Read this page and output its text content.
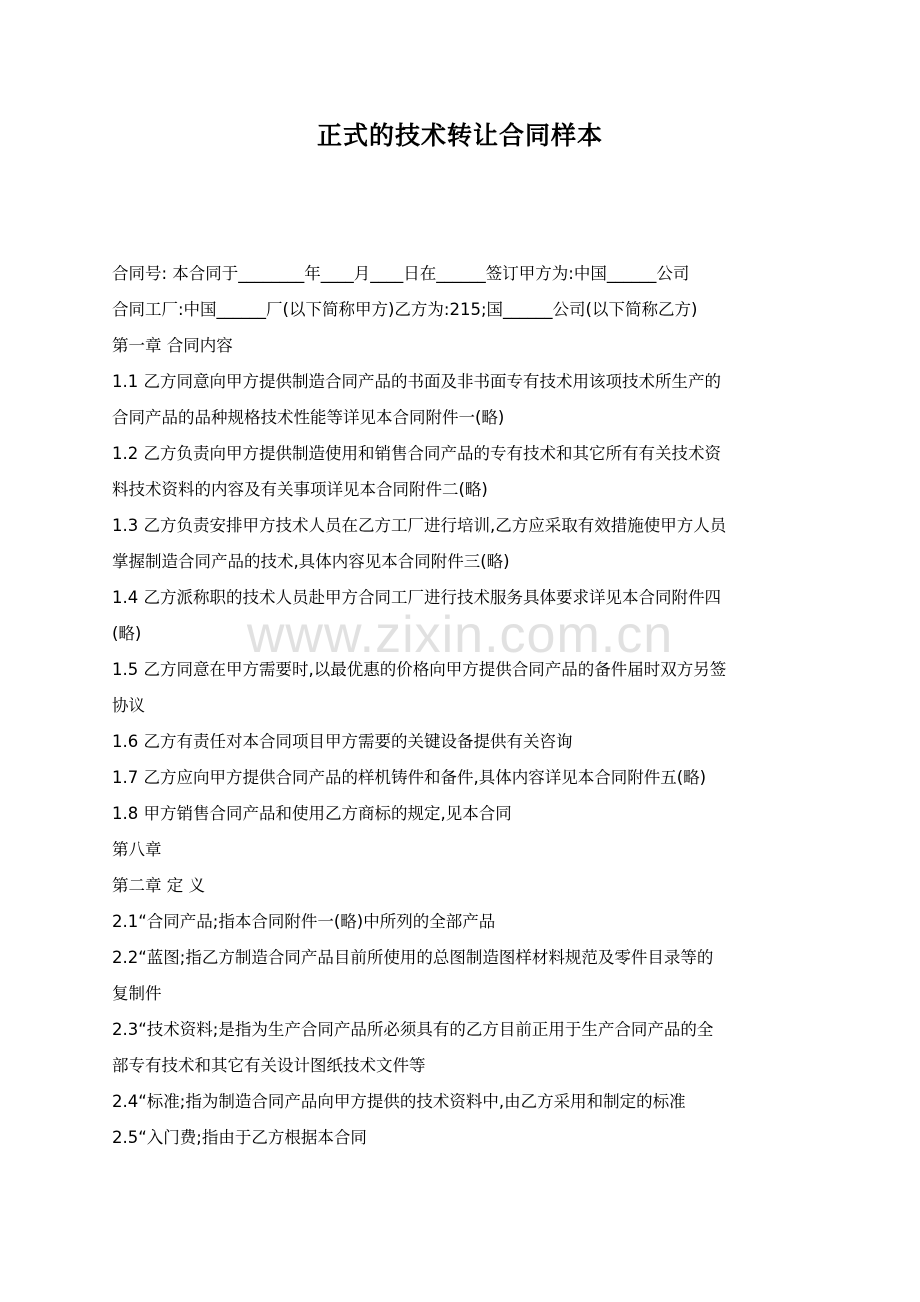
正式的技术转让合同样本
合同号: 本合同于________年____月____日在______签订甲方为:中国______公司
合同工厂:中国______厂(以下简称甲方)乙方为:215;国______公司(以下简称乙方)
第一章 合同内容
1.1 乙方同意向甲方提供制造合同产品的书面及非书面专有技术用该项技术所生产的
合同产品的品种规格技术性能等详见本合同附件一(略)
1.2 乙方负责向甲方提供制造使用和销售合同产品的专有技术和其它所有有关技术资
料技术资料的内容及有关事项详见本合同附件二(略)
1.3 乙方负责安排甲方技术人员在乙方工厂进行培训,乙方应采取有效措施使甲方人员
掌握制造合同产品的技术,具体内容见本合同附件三(略)
1.4 乙方派称职的技术人员赴甲方合同工厂进行技术服务具体要求详见本合同附件四
(略)
1.5 乙方同意在甲方需要时,以最优惠的价格向甲方提供合同产品的备件届时双方另签
协议
1.6 乙方有责任对本合同项目甲方需要的关键设备提供有关咨询
1.7 乙方应向甲方提供合同产品的样机铸件和备件,具体内容详见本合同附件五(略)
1.8 甲方销售合同产品和使用乙方商标的规定,见本合同
第八章
第二章 定 义
2.1“合同产品;指本合同附件一(略)中所列的全部产品
2.2“蓝图;指乙方制造合同产品目前所使用的总图制造图样材料规范及零件目录等的
复制件
2.3“技术资料;是指为生产合同产品所必须具有的乙方目前正用于生产合同产品的全
部专有技术和其它有关设计图纸技术文件等
2.4“标准;指为制造合同产品向甲方提供的技术资料中,由乙方采用和制定的标准
2.5“入门费;指由于乙方根据本合同
www.zixin.com.cn
